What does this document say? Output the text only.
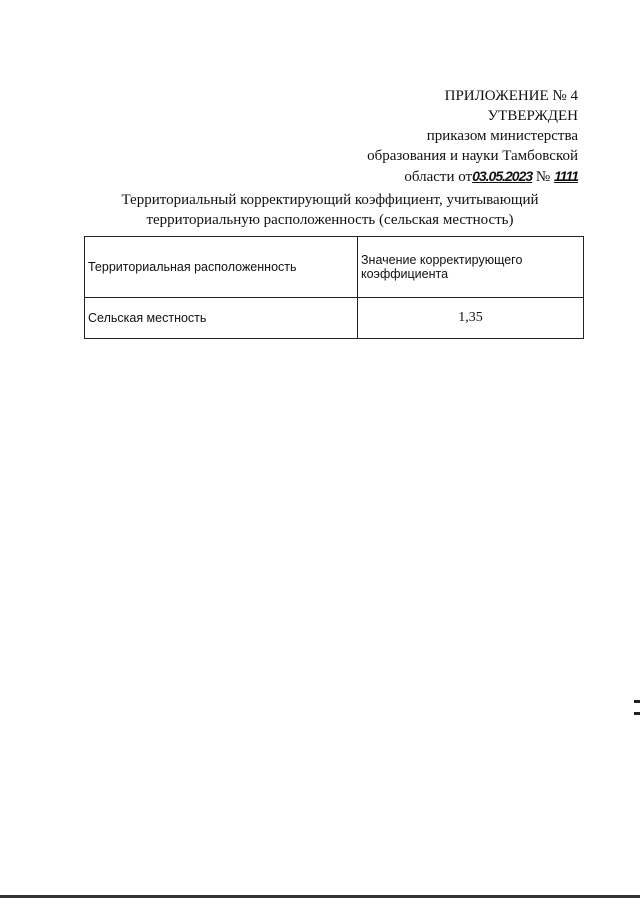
ПРИЛОЖЕНИЕ № 4
УТВЕРЖДЕН
приказом министерства
образования и науки Тамбовской
области от03.05.2023 № 1111
Территориальный корректирующий коэффициент, учитывающий
территориальную расположенность (сельская местность)
Территориальная расположенность	Значение корректирующего коэффициента
Сельская местность	1,35
